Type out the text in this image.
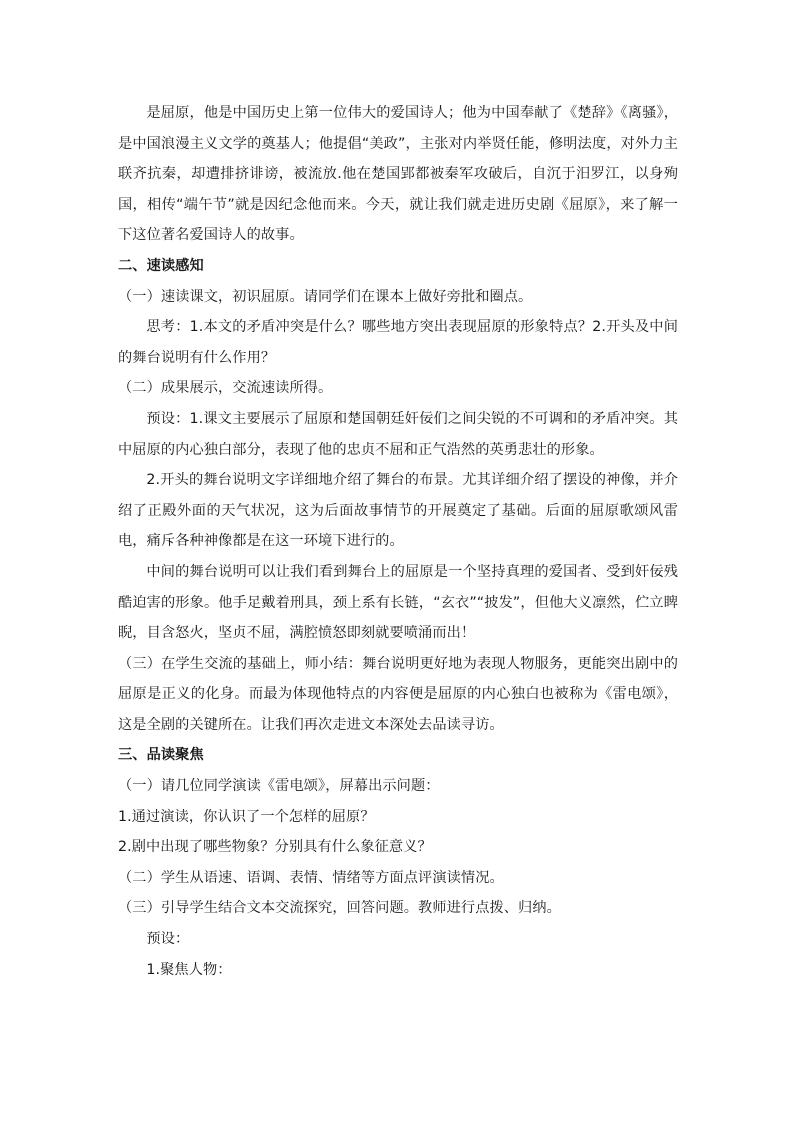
是屈原，他是中国历史上第一位伟大的爱国诗人；他为中国奉献了《楚辞》《离骚》，是中国浪漫主义文学的奠基人；他提倡“美政”，主张对内举贤任能，修明法度，对外力主联齐抗秦，却遭排挤诽谤，被流放.他在楚国郢都被秦军攻破后，自沉于汨罗江，以身殉国，相传“端午节”就是因纪念他而来。今天，就让我们就走进历史剧《屈原》，来了解一下这位著名爱国诗人的故事。

二、速读感知

（一）速读课文，初识屈原。请同学们在课本上做好旁批和圈点。

思考：1.本文的矛盾冲突是什么？哪些地方突出表现屈原的形象特点？2.开头及中间的舞台说明有什么作用？

（二）成果展示，交流速读所得。

预设：1.课文主要展示了屈原和楚国朝廷奸佞们之间尖锐的不可调和的矛盾冲突。其中屈原的内心独白部分，表现了他的忠贞不屈和正气浩然的英勇悲壮的形象。

2.开头的舞台说明文字详细地介绍了舞台的布景。尤其详细介绍了摆设的神像，并介绍了正殿外面的天气状况，这为后面故事情节的开展奠定了基础。后面的屈原歌颂风雷电，痛斥各种神像都是在这一环境下进行的。

中间的舞台说明可以让我们看到舞台上的屈原是一个坚持真理的爱国者、受到奸佞残酷迫害的形象。他手足戴着刑具，颈上系有长链，“玄衣”“披发”，但他大义凛然，伫立睥睨，目含怒火，坚贞不屈，满腔愤怒即刻就要喷涌而出！

（三）在学生交流的基础上，师小结：舞台说明更好地为表现人物服务，更能突出剧中的屈原是正义的化身。而最为体现他特点的内容便是屈原的内心独白也被称为《雷电颂》，这是全剧的关键所在。让我们再次走进文本深处去品读寻访。

三、品读聚焦

（一）请几位同学演读《雷电颂》，屏幕出示问题：

1.通过演读，你认识了一个怎样的屈原？

2.剧中出现了哪些物象？分别具有什么象征意义？

（二）学生从语速、语调、表情、情绪等方面点评演读情况。

（三）引导学生结合文本交流探究，回答问题。教师进行点拨、归纳。

预设：

1.聚焦人物：
